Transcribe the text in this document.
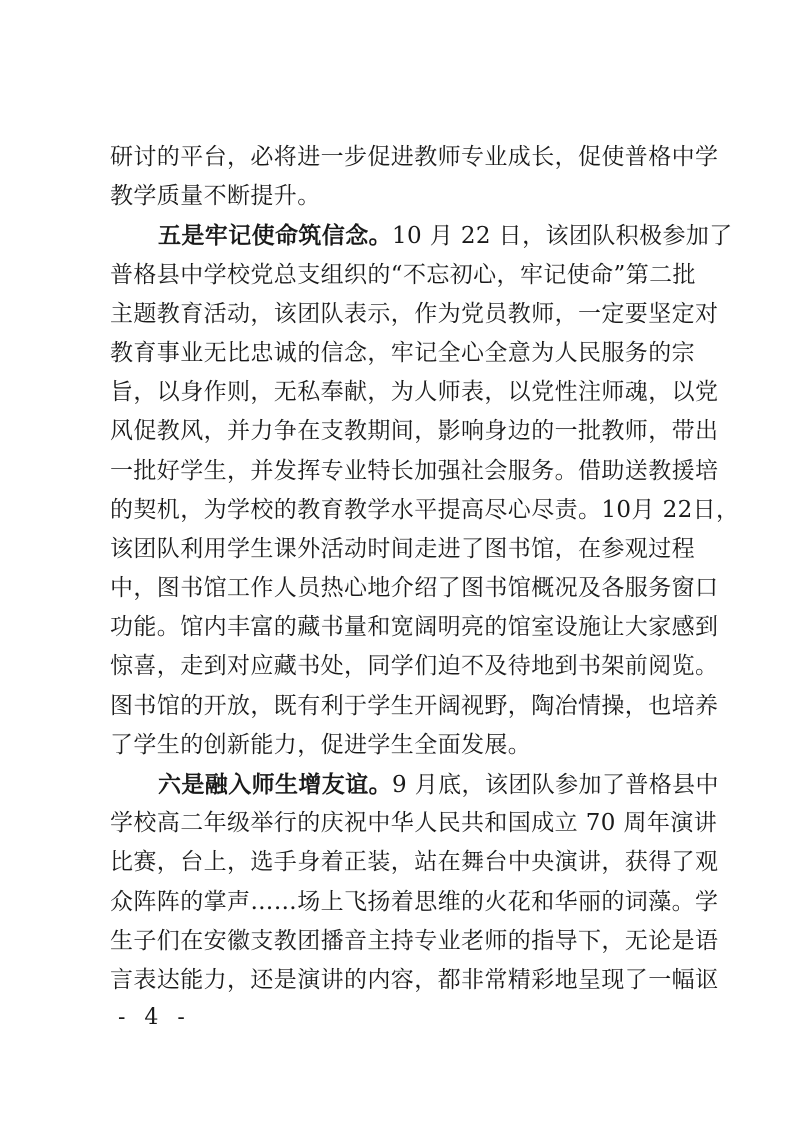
研讨的平台，必将进一步促进教师专业成长，促使普格中学
教学质量不断提升。
五是牢记使命筑信念。10 月 22 日，该团队积极参加了
普格县中学校党总支组织的“不忘初心，牢记使命”第二批
主题教育活动，该团队表示，作为党员教师，一定要坚定对
教育事业无比忠诚的信念，牢记全心全意为人民服务的宗
旨，以身作则，无私奉献，为人师表，以党性注师魂，以党
风促教风，并力争在支教期间，影响身边的一批教师，带出
一批好学生，并发挥专业特长加强社会服务。借助送教援培
的契机，为学校的教育教学水平提高尽心尽责。10月 22日，
该团队利用学生课外活动时间走进了图书馆，在参观过程
中，图书馆工作人员热心地介绍了图书馆概况及各服务窗口
功能。馆内丰富的藏书量和宽阔明亮的馆室设施让大家感到
惊喜，走到对应藏书处，同学们迫不及待地到书架前阅览。
图书馆的开放，既有利于学生开阔视野，陶冶情操，也培养
了学生的创新能力，促进学生全面发展。
六是融入师生增友谊。9 月底，该团队参加了普格县中
学校高二年级举行的庆祝中华人民共和国成立 70 周年演讲
比赛，台上，选手身着正装，站在舞台中央演讲，获得了观
众阵阵的掌声……场上飞扬着思维的火花和华丽的词藻。学
生子们在安徽支教团播音主持专业老师的指导下，无论是语
言表达能力，还是演讲的内容，都非常精彩地呈现了一幅讴
- 4 -
